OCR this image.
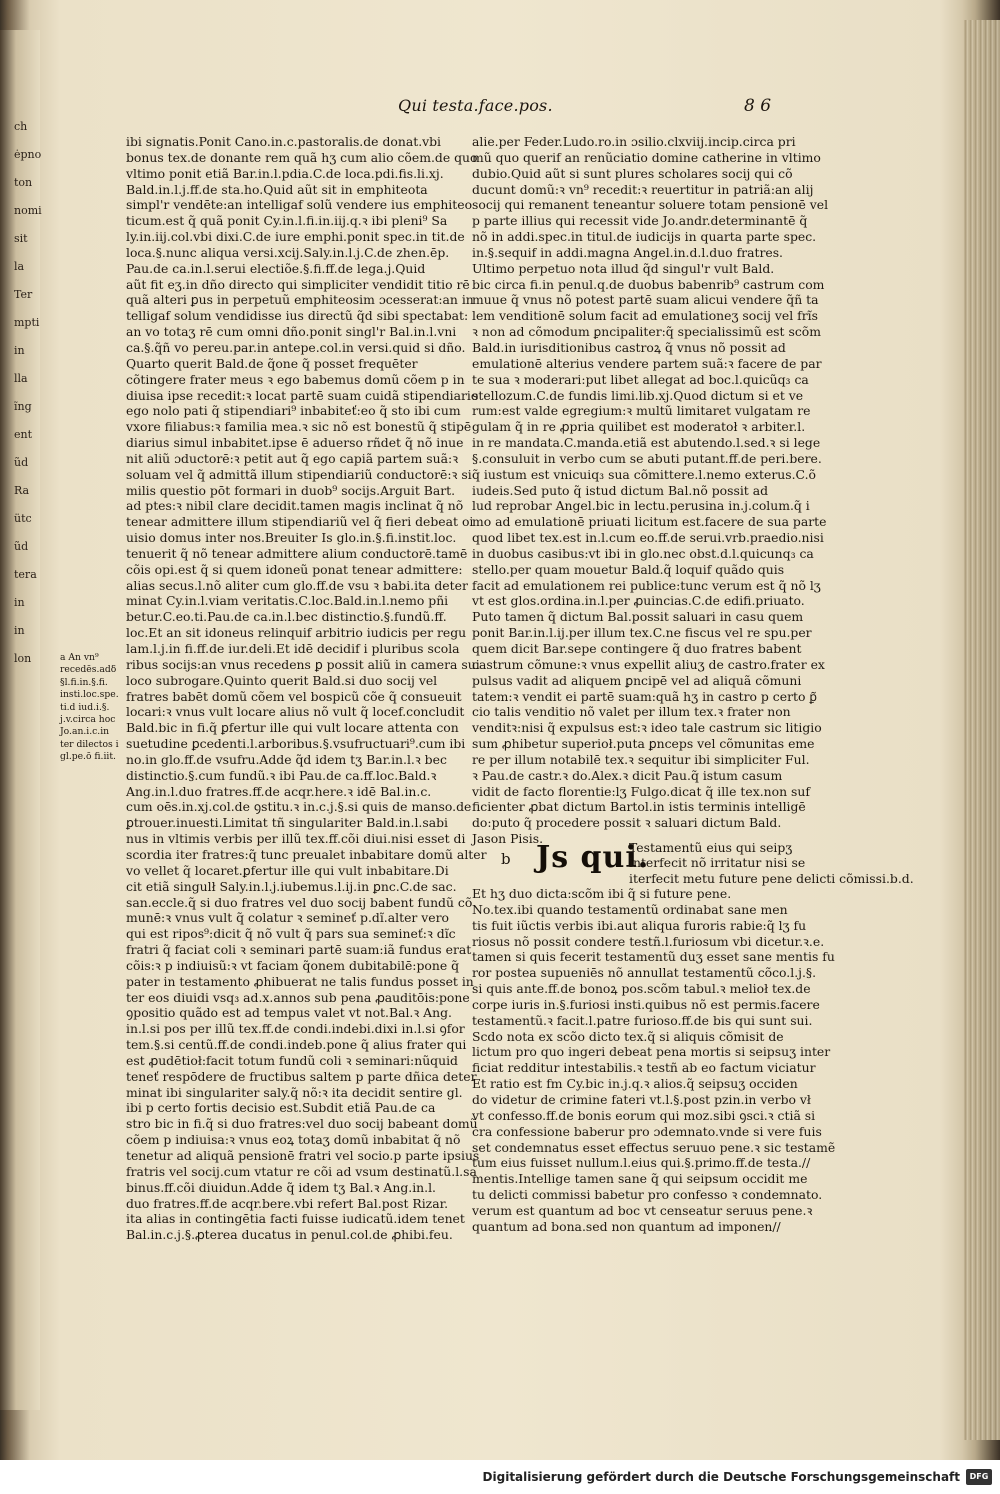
ch
ėpno
ton
nomi
sit
la
Ter
mpti
in
lla
ĩng
ent
ũd
Ra
ütc
ũd
tera
in
in
lon
Qui testa.face.pos.	8 6
ibi signatis.Ponit Cano.in.c.pastoralis.de donat.vbi
bonus tex.de donante rem quã hʒ cum alio cõem.de quo
vltimo ponit etiã Bar.in.l.pdia.C.de loca.pdi.fis.li.xj.
Bald.in.l.j.ff.de sta.ho.Quid aũt sit in emphiteota
simpl'r vendēte:an intelligaf solũ vendere ius emphiteo
ticum.est q̃ quã ponit Cy.in.l.fi.in.iij.q.ꝛ ibi pleni⁹ Sa
ly.in.iij.col.vbi dixi.C.de iure emphi.ponit spec.in tit.de
loca.§.nunc aliqua versi.xcij.Saly.in.l.j.C.de zhen.ēp.
Pau.de ca.in.l.serui electiõe.§.fi.ff.de lega.j.Quid
aũt fit eʒ.in dño directo qui simpliciter vendidit titio rē
quã alteri ꝑus in perpetuũ emphiteosim ɔcesserat:an in
telligaf solum vendidisse ius directũ q̃d sibi spectabat:
an vo totaʒ rē cum omni dño.ponit singl'r Bal.in.l.vni
ca.§.q̃ñ vo pereu.par.in antepe.col.in versi.quid si dño.
Quarto querit Bald.de q̃one q̃ posset frequēter
cõtingere frater meus ꝛ ego babemus domũ cõem p in
diuisa ipse recedit:ꝛ locat partē suam cuidã stipendiario
ego nolo pati q̃ stipendiari⁹ inbabiteť:eo q̃ sto ibi cum
vxore filiabus:ꝛ familia mea.ꝛ sic nõ est bonestũ q̃ stipē
diarius simul inbabitet.ipse ē aduerso rñdet q̃ nõ inue
nit aliũ ɔductorē:ꝛ petit aut q̃ ego capiã partem suã:ꝛ
soluam vel q̃ admittã illum stipendiariũ conductorē:ꝛ si
milis questio pōt formari in duob⁹ socijs.Arguit Bart.
ad ptes:ꝛ nibil clare decidit.tamen magis inclinat q̃ nõ
tenear admittere illum stipendiariũ vel q̃ fieri debeat oi
uisio domus inter nos.Breuiter Is glo.in.§.fi.instit.loc.
tenuerit q̃ nõ tenear admittere alium conductorē.tamē
cõis opi.est q̃ si quem idoneũ ponat tenear admittere:
alias secus.l.nõ aliter cum glo.ff.de vsu ꝛ babi.ita deter
minat Cy.in.l.viam veritatis.C.loc.Bald.in.l.nemo pñi
betur.C.eo.ti.Pau.de ca.in.l.bec distinctio.§.fundũ.ff.
loc.Et an sit idoneus relinquif arbitrio iudicis per regu
lam.l.j.in fi.ff.de iur.deli.Et idē decidif i pluribus scola
ribus socijs:an vnus recedens ꝑ possit aliũ in camera sui
loco subrogare.Quinto querit Bald.si duo socij vel
fratres babēt domũ cõem vel bospicũ cõe q̃ consueuit
locari:ꝛ vnus vult locare alius nõ vult q̃ locef.concludit
Bald.bic in fi.q̃ ꝑfertur ille qui vult locare attenta con
suetudine ꝑcedenti.l.arboribus.§.vsufructuari⁹.cum ibi
no.in glo.ff.de vsufru.Adde q̃d idem tʒ Bar.in.l.ꝛ bec
distinctio.§.cum fundũ.ꝛ ibi Pau.de ca.ff.loc.Bald.ꝛ
Ang.in.l.duo fratres.ff.de acqr.here.ꝛ idē Bal.in.c.
cum oēs.in.xj.col.de ꝯstitu.ꝛ in.c.j.§.si quis de manso.de
ꝑtrouer.inuesti.Limitat tñ singulariter Bald.in.l.sabi
nus in vltimis verbis per illũ tex.ff.cõi diui.nisi esset di
scordia iter fratres:q̃ tunc preualet inbabitare domũ alter
vo vellet q̃ locaret.ꝑfertur ille qui vult inbabitare.Di
cit etiã singulł Saly.in.l.j.iubemus.l.ij.in ꝑnc.C.de sac.
san.eccle.q̃ si duo fratres vel duo socij babent fundũ cõ
munē:ꝛ vnus vult q̃ colatur ꝛ semineť p.dĩ.alter vero
qui est ripos⁹:dicit q̃ nõ vult q̃ pars sua semineť:ꝛ dĩc
fratri q̃ faciat coli ꝛ seminari partē suam:iã fundus erat
cõis:ꝛ p indiuisũ:ꝛ vt faciam q̃onem dubitabilē:pone q̃
pater in testamento ꝓhibuerat ne talis fundus posset in
ter eos diuidi vsq₃ ad.x.annos sub pena ꝓauditōis:pone
ꝯpositio quãdo est ad tempus valet vt not.Bal.ꝛ Ang.
in.l.si pos per illũ tex.ff.de condi.indebi.dixi in.l.si ꝯfor
tem.§.si centũ.ff.de condi.indeb.pone q̃ alius frater qui
est ꝓudētioł:facit totum fundũ coli ꝛ seminari:nũquid
teneť respōdere de fructibus saltem p parte dñica deter
minat ibi singulariter saly.q̃ nõ:ꝛ ita decidit sentire gl.
ibi p certo fortis decisio est.Subdit etiã Pau.de ca
stro bic in fi.q̃ si duo fratres:vel duo socij babeant domũ
cõem p indiuisa:ꝛ vnus eoꝝ totaʒ domũ inbabitat q̃ nõ
tenetur ad aliquã pensionē fratri vel socio.p parte ipsius
fratris vel socij.cum vtatur re cõi ad vsum destinatũ.l.sa
binus.ff.cõi diuidun.Adde q̃ idem tʒ Bal.ꝛ Ang.in.l.
duo fratres.ff.de acqr.bere.vbi refert Bal.post Rizar.
ita alias in contingētia facti fuisse iudicatũ.idem tenet
Bal.in.c.j.§.ꝓterea ducatus in penul.col.de ꝓhibi.feu.
a An vn⁹
recedēs.adδ
§l.fi.in.§.fi.
insti.loc.spe.
ti.d iud.i.§.
j.v.circa hoc
Jo.an.i.c.in
ter dilectos i
gl.pe.ō fi.iit.
alie.per Feder.Ludo.ro.in ɔsilio.clxviij.incip.circa pri
mũ quo querif an renũciatio domine catherine in vltimo
dubio.Quid aũt si sunt plures scholares socij qui cõ
ducunt domũ:ꝛ vn⁹ recedit:ꝛ reuertitur in patriã:an alij
socij qui remanent teneantur soluere totam pensionē vel
p parte illius qui recessit vide Jo.andr.determinantē q̃
nõ in addi.spec.in titul.de iudicijs in quarta parte spec.
in.§.sequif in addi.magna Angel.in.d.l.duo fratres.
Ultimo perpetuo nota illud q̃d singul'r vult Bald.
bic circa fi.in penul.q.de duobus babenrib⁹ castrum com
muue q̃ vnus nõ potest partē suam alicui vendere q̃ñ ta
lem venditionē solum facit ad emulationeʒ socij vel frĩs
ꝛ non ad cõmodum ꝑncipaliter:q̃ specialissimũ est scõm
Bald.in iurisditionibus castroꝝ q̃ vnus nõ possit ad
emulationē alterius vendere partem suã:ꝛ facere de par
te sua ꝛ moderari:put libet allegat ad boc.l.quicũq₃ ca
stellozum.C.de fundis limi.lib.xj.Quod dictum si et ve
rum:est valde egregium:ꝛ multũ limitaret vulgatam re
gulam q̃ in re ꝓpria quilibet est moderatoł ꝛ arbiter.l.
in re mandata.C.manda.etiã est abutendo.l.sed.ꝛ si lege
§.consuluit in verbo cum se abuti putant.ff.de peri.bere.
q̃ iustum est vnicuiq₃ sua cõmittere.l.nemo exterus.C.õ
iudeis.Sed puto q̃ istud dictum Bal.nõ possit ad
lud reprobar Angel.bic in lectu.perusina in.j.colum.q̃ i
mo ad emulationē priuati licitum est.facere de sua parte
quod libet tex.est in.l.cum eo.ff.de serui.vrb.praedio.nisi
in duobus casibus:vt ibi in glo.nec obst.d.l.quicunq₃ ca
stello.per quam mouetur Bald.q̃ loquif quãdo quis
facit ad emulationem rei publice:tunc verum est q̃ nõ lʒ
vt est glos.ordina.in.l.per ꝓuincias.C.de edifi.priuato.
Puto tamen q̃ dictum Bal.possit saluari in casu quem
ponit Bar.in.l.ij.per illum tex.C.ne fiscus vel re spu.per
quem dicit Bar.sepe contingere q̃ duo fratres babent
castrum cõmune:ꝛ vnus expellit aliuʒ de castro.frater ex
pulsus vadit ad aliquem ꝑncipē vel ad aliquã cõmuni
tatem:ꝛ vendit ei partē suam:quã hʒ in castro p certo ꝑ̃
cio talis venditio nõ valet per illum tex.ꝛ frater non
venditꝛ:nisi q̃ expulsus est:ꝛ ideo tale castrum sic litigio
sum ꝓhibetur superioł.puta ꝑnceps vel cõmunitas eme
re per illum notabilē tex.ꝛ sequitur ibi simpliciter Ful.
ꝛ Pau.de castr.ꝛ do.Alex.ꝛ dicit Pau.q̃ istum casum
vidit de facto florentie:lʒ Fulgo.dicat q̃ ille tex.non suf
ficienter ꝓbat dictum Bartol.in istis terminis intelligē
do:puto q̃ procedere possit ꝛ saluari dictum Bald.
Jason Pisis.
b Js qui.
Testamentũ eius qui seipʒ
interfecit nõ irritatur nisi se
iterfecit metu future pene delicti cõmissi.b.d.
Et hʒ duo dicta:scõm ibi q̃ si future pene.
No.tex.ibi quando testamentũ ordinabat sane men
tis fuit iũctis verbis ibi.aut aliqua furoris rabie:q̃ lʒ fu
riosus nõ possit condere testñ.l.furiosum vbi dicetur.ꝛ.e.
tamen si quis fecerit testamentũ duʒ esset sane mentis fu
ror postea supueniēs nõ annullat testamentũ cõco.l.j.§.
si quis ante.ff.de bonoꝝ pos.scõm tabul.ꝛ melioł tex.de
corpe iuris in.§.furiosi insti.quibus nõ est permis.facere
testamentũ.ꝛ facit.l.patre furioso.ff.de bis qui sunt sui.
Scdo nota ex scõo dicto tex.q̃ si aliquis cõmisit de
lictum pro quo ingeri debeat pena mortis si seipsuʒ inter
ficiat redditur intestabilis.ꝛ testñ ab eo factum viciatur
Et ratio est fm Cy.bic in.j.q.ꝛ alios.q̃ seipsuʒ occiden
do videtur de crimine fateri vt.l.§.post pzin.in verbo vł
vt confesso.ff.de bonis eorum qui moz.sibi ꝯsci.ꝛ ctiã si
cra confessione baberur pro ɔdemnato.vnde si vere fuis
set condemnatus esset effectus seruuo pene.ꝛ sic testamẽ
tum eius fuisset nullum.l.eius qui.§.primo.ff.de testa.//
mentis.Intellige tamen sane q̃ qui seipsum occidit me
tu delicti commissi babetur pro confesso ꝛ condemnato.
verum est quantum ad boc vt censeatur seruus pene.ꝛ
quantum ad bona.sed non quantum ad imponen//
Digitalisierung gefördert durch die Deutsche Forschungsgemeinschaft	DFG
